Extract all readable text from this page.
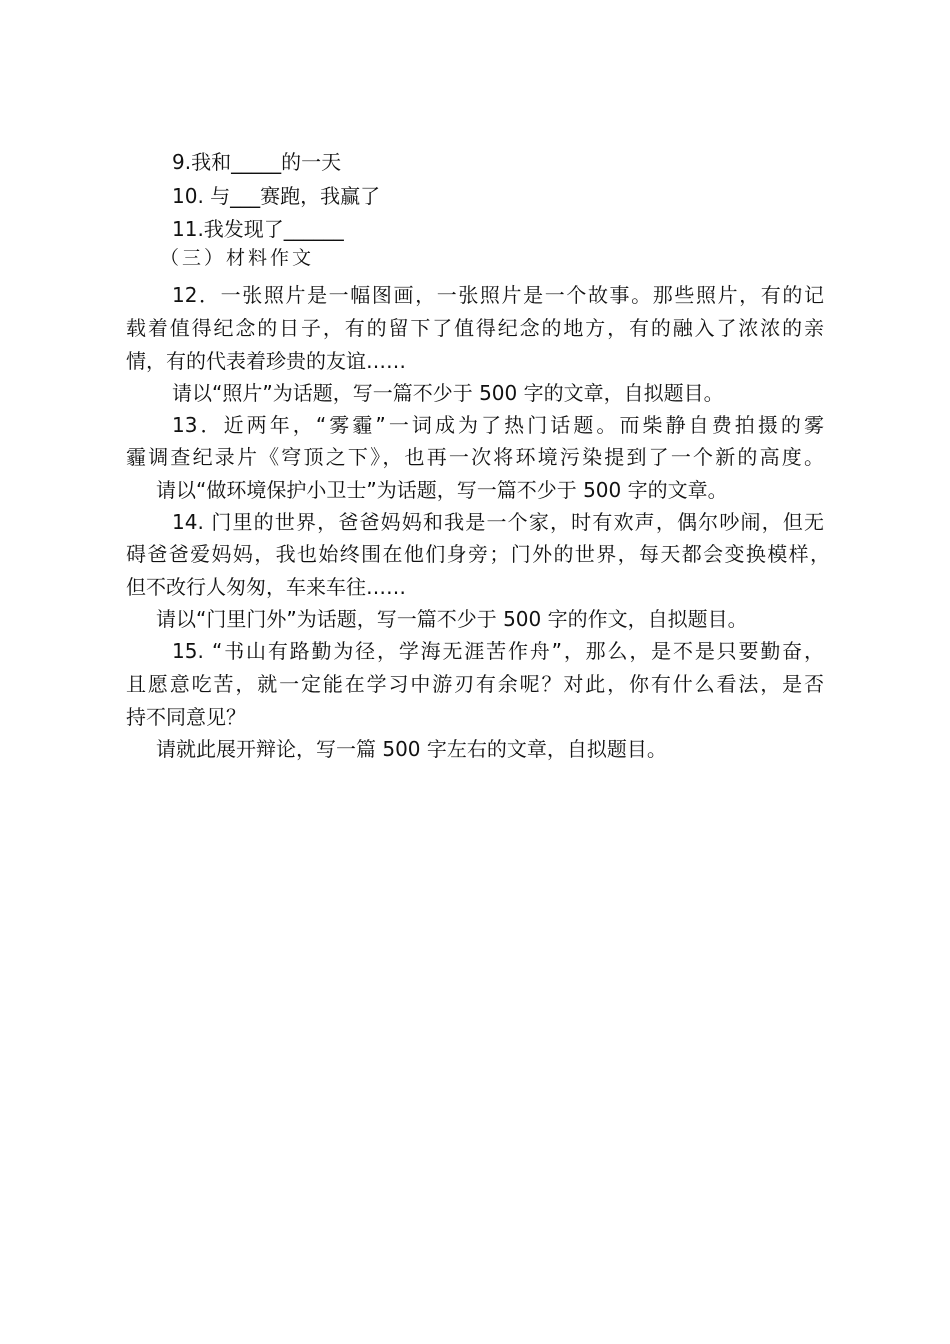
9.我和_____的一天
10. 与___赛跑，我赢了
11.我发现了______
（三）材料作文
12．一张照片是一幅图画，一张照片是一个故事。那些照片，有的记
载着值得纪念的日子，有的留下了值得纪念的地方，有的融入了浓浓的亲
情，有的代表着珍贵的友谊……
请以“照片”为话题，写一篇不少于 500 字的文章，自拟题目。
13．近两年，“雾霾”一词成为了热门话题。而柴静自费拍摄的雾
霾调查纪录片《穹顶之下》，也再一次将环境污染提到了一个新的高度。
请以“做环境保护小卫士”为话题，写一篇不少于 500 字的文章。
14. 门里的世界，爸爸妈妈和我是一个家，时有欢声，偶尔吵闹，但无
碍爸爸爱妈妈，我也始终围在他们身旁；门外的世界，每天都会变换模样，
但不改行人匆匆，车来车往……
请以“门里门外”为话题，写一篇不少于 500 字的作文，自拟题目。
15. “书山有路勤为径，学海无涯苦作舟”，那么，是不是只要勤奋，
且愿意吃苦，就一定能在学习中游刃有余呢？对此，你有什么看法，是否
持不同意见？
请就此展开辩论，写一篇 500 字左右的文章，自拟题目。
